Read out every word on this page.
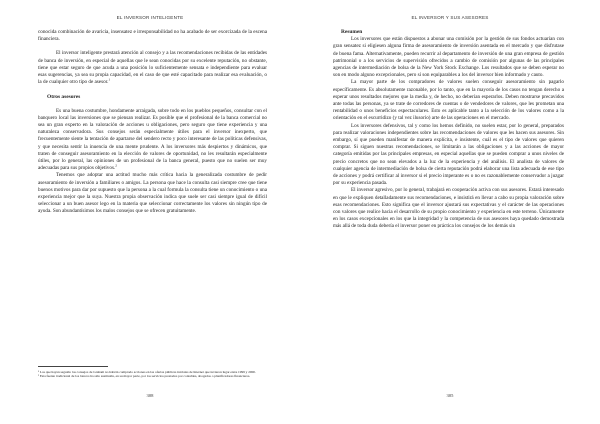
EL INVERSOR INTELIGENTE

conocida combinación de avaricia, insensatez e irresponsabilidad no ha acabado de ser exorcizada de la escena financiera.

El inversor inteligente prestará atención al consejo y a las recomendaciones recibidas de las entidades de banca de inversión, en especial de aquellas que le sean conocidas por su excelente reputación, no obstante, tiene que estar seguro de que acuda a una posición lo suficientemente sensata e independiente para evaluar esas sugerencias, ya sea su propia capacidad, en el caso de que esté capacitado para realizar esa evaluación, o la de cualquier otro tipo de asesor.$^1$

Otros asesores

Es una buena costumbre, hondamente arraigada, sobre todo en los pueblos pequeños, consultar con el banquero local las inversiones que se piensan realizar. Es posible que el profesional de la banca comercial no sea un gran experto en la valoración de acciones u obligaciones, pero seguro que tiene experiencia y una naturaleza conservadora. Sus consejos serán especialmente útiles para el inversor inexperto, que frecuentemente siente la tentación de apartarse del sendero recto y poco interesante de las políticas defensivas, y que necesita sentir la inuencia de una mente prudente. A los inversores más despiertos y dinámicos, que traten de conseguir asesoramiento en la elección de valores de oportunidad, no les resultarán especialmente útiles, por lo general, las opiniones de un profesional de la banca general, puesto que no suelen ser muy adecuadas para sus propios objetivos.$^2$

Tenemos que adoptar una actitud mucho más crítica hacia la generalizada costumbre de pedir asesoramiento de inversión a familiares o amigos. La persona que hace la consulta casi siempre cree que tiene buenos motivos para dar por supuesto que la persona a la cual formula la consulta tiene un conocimiento o una experiencia mejor que la suya. Nuestra propia observación indica que suele ser casi siempre igual de difícil seleccionar a un buen asesor lego en la materia que seleccionar correctamente los valores sin ningún tipo de ayuda. Son abundantísimos los malos consejos que se ofrecen gratuitamente.

¹ Los que hayan seguido los consejos de Graham no habrán comprado acciones en las ofertas públicas iniciales de Internet que tuvieron lugar entre 1999 y 2000.

² Esta fuente tradicional de los bancos ha sido sustituida, en su mayor parte, por los servicios prestados por contables, abogados o planificadores financieros.

308
EL INVERSOR Y SUS ASESORES
Resumen

Los inversores que están dispuestos a abonar una comisión por la gestión de sus fondos actuarían con gran sensatez si eligiesen alguna firma de asesoramiento de inversión asentada en el mercado y que disfrutase de buena fama. Alternativamente, pueden recurrir al departamento de inversión de una gran empresa de gestión patrimonial o a los servicios de supervisión ofrecidos a cambio de comisión por algunas de las principales agencias de intermediación de bolsa de la New York Stock Exchange. Los resultados que se deben esperar no son en modo alguno excepcionales, pero sí son equiparables a los del inversor bien informado y cauto.

La mayor parte de los compradores de valores suelen conseguir asesoramiento sin pagarlo específicamente. Es absolutamente razonable, por lo tanto, que en la mayoría de los casos no tengan derecho a esperar unos resultados mejores que la media y, de hecho, no deberían esperarlos. Deben mostrarse precavidos ante todas las personas, ya se trate de corredores de cuentas o de vendedores de valores, que les prometan una rentabilidad o unos beneficios espectaculares. Esto es aplicable tanto a la selección de los valores como a la orientación en el escurridizo (y tal vez ilusorio) arte de las operaciones en el mercado.

Los inversores defensivos, tal y como los hemos definido, no suelen estar, por lo general, preparados para realizar valoraciones independientes sobre las recomendaciones de valores que les hacen sus asesores. Sin embargo, sí que pueden manifestar de manera explícita, e insistente, cuál es el tipo de valores que quieren comprar. Si siguen nuestras recomendaciones, se limitarán a las obligaciones y a las acciones de mayor categoría emitidas por las principales empresas, en especial aquellas que se pueden comprar a unos niveles de precio concretos que no sean elevados a la luz de la experiencia y del análisis. El analista de valores de cualquier agencia de intermediación de bolsa de cierta reputación podrá elaborar una lista adecuada de ese tipo de acciones y podrá certificar al inversor si el precio imperante es o no es razonablemente conservador a juzgar por su experiencia pasada.

El inversor agresivo, por lo general, trabajará en cooperación activa con sus asesores. Estará interesado en que le expliquen detalladamente sus recomendaciones, e insistirá en llevar a cabo su propia valoración sobre esas recomendaciones. Esto significa que el inversor ajustará sus expectativas y el carácter de las operaciones con valores que realice hacia el desarrollo de su propio conocimiento y experiencia en este terreno. Únicamente en los casos excepcionales en los que la integridad y la competencia de sus asesores haya quedado demostrada más allá de toda duda debería el inversor poner en práctica los consejos de los demás sin

305
